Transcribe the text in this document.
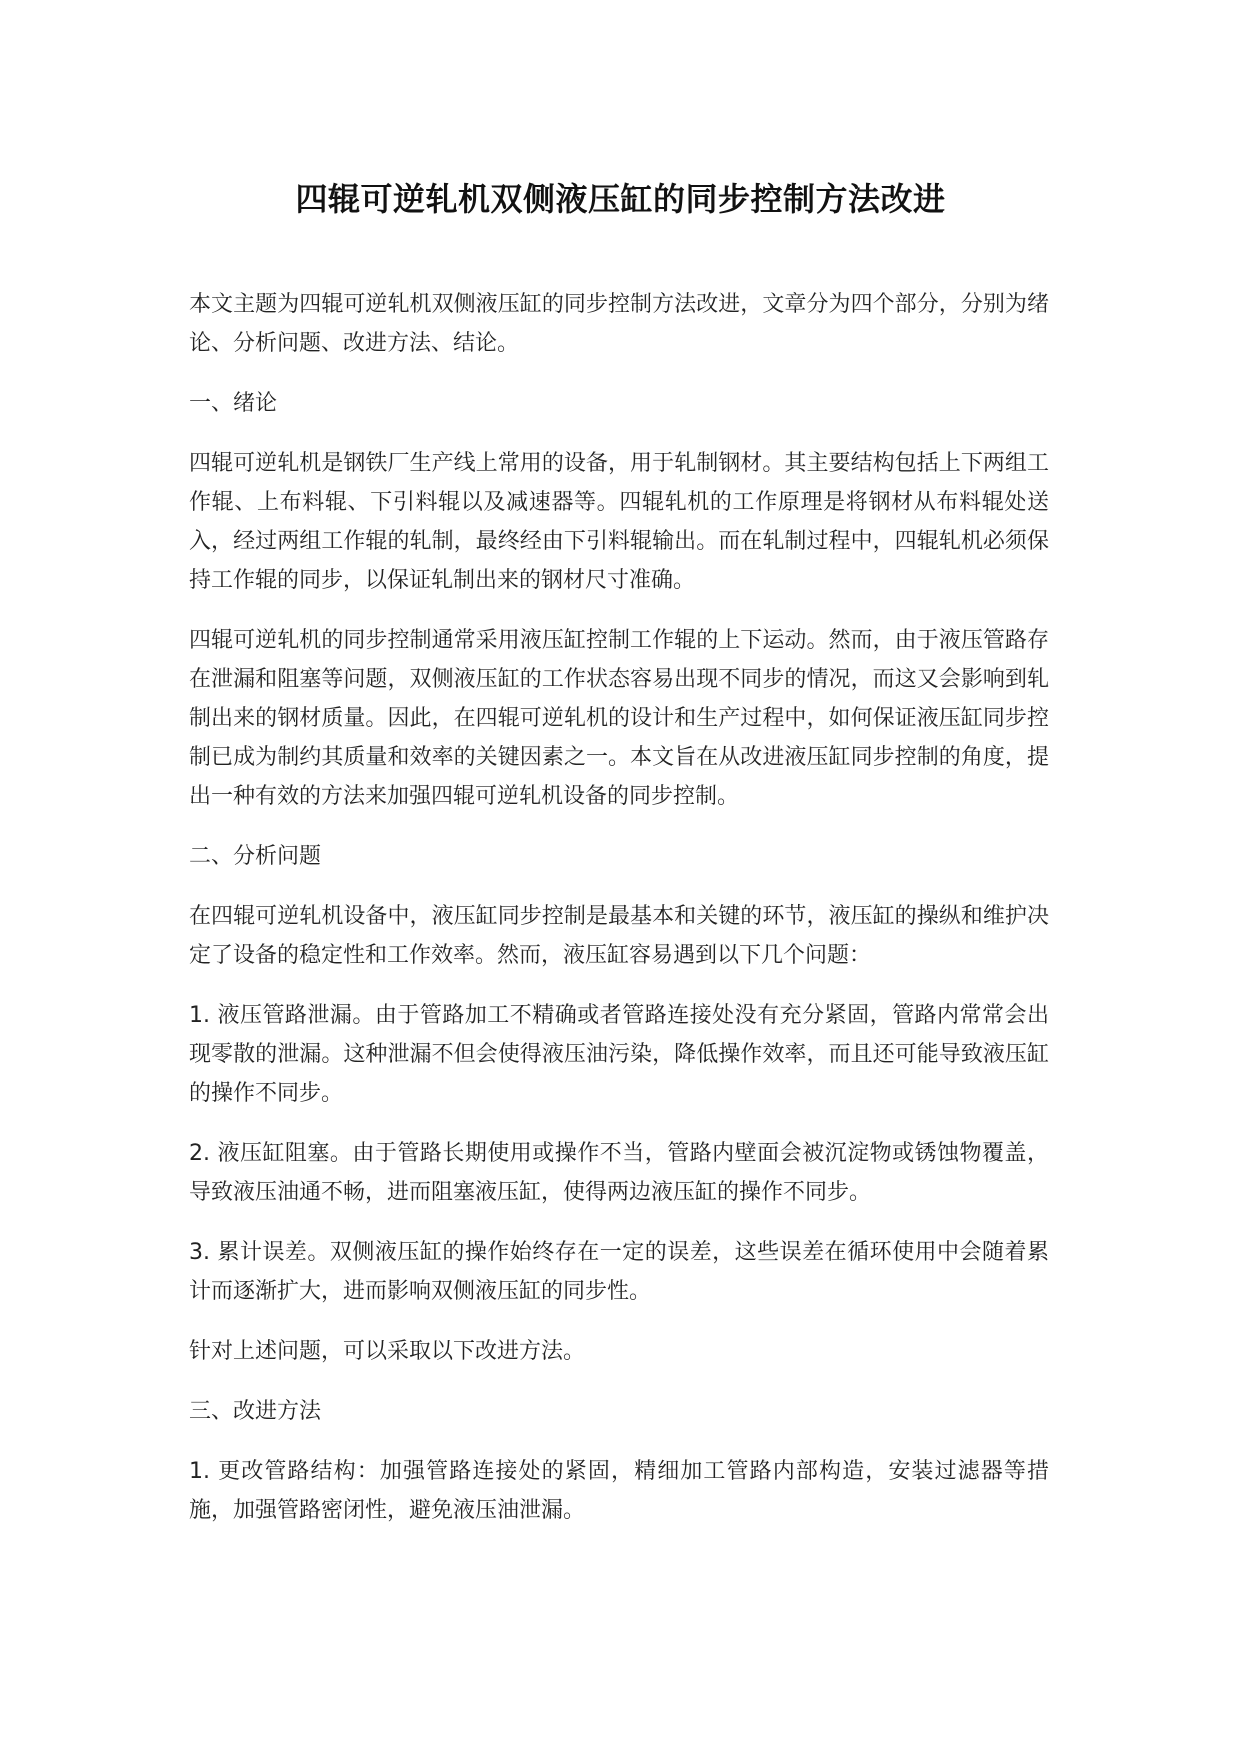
四辊可逆轧机双侧液压缸的同步控制方法改进

本文主题为四辊可逆轧机双侧液压缸的同步控制方法改进，文章分为四个部分，分别为绪论、分析问题、改进方法、结论。

一、绪论

四辊可逆轧机是钢铁厂生产线上常用的设备，用于轧制钢材。其主要结构包括上下两组工作辊、上布料辊、下引料辊以及减速器等。四辊轧机的工作原理是将钢材从布料辊处送入，经过两组工作辊的轧制，最终经由下引料辊输出。而在轧制过程中，四辊轧机必须保持工作辊的同步，以保证轧制出来的钢材尺寸准确。

四辊可逆轧机的同步控制通常采用液压缸控制工作辊的上下运动。然而，由于液压管路存在泄漏和阻塞等问题，双侧液压缸的工作状态容易出现不同步的情况，而这又会影响到轧制出来的钢材质量。因此，在四辊可逆轧机的设计和生产过程中，如何保证液压缸同步控制已成为制约其质量和效率的关键因素之一。本文旨在从改进液压缸同步控制的角度，提出一种有效的方法来加强四辊可逆轧机设备的同步控制。

二、分析问题

在四辊可逆轧机设备中，液压缸同步控制是最基本和关键的环节，液压缸的操纵和维护决定了设备的稳定性和工作效率。然而，液压缸容易遇到以下几个问题：

1. 液压管路泄漏。由于管路加工不精确或者管路连接处没有充分紧固，管路内常常会出现零散的泄漏。这种泄漏不但会使得液压油污染，降低操作效率，而且还可能导致液压缸的操作不同步。

2. 液压缸阻塞。由于管路长期使用或操作不当，管路内壁面会被沉淀物或锈蚀物覆盖，导致液压油通不畅，进而阻塞液压缸，使得两边液压缸的操作不同步。

3. 累计误差。双侧液压缸的操作始终存在一定的误差，这些误差在循环使用中会随着累计而逐渐扩大，进而影响双侧液压缸的同步性。

针对上述问题，可以采取以下改进方法。

三、改进方法

1. 更改管路结构：加强管路连接处的紧固，精细加工管路内部构造，安装过滤器等措施，加强管路密闭性，避免液压油泄漏。
